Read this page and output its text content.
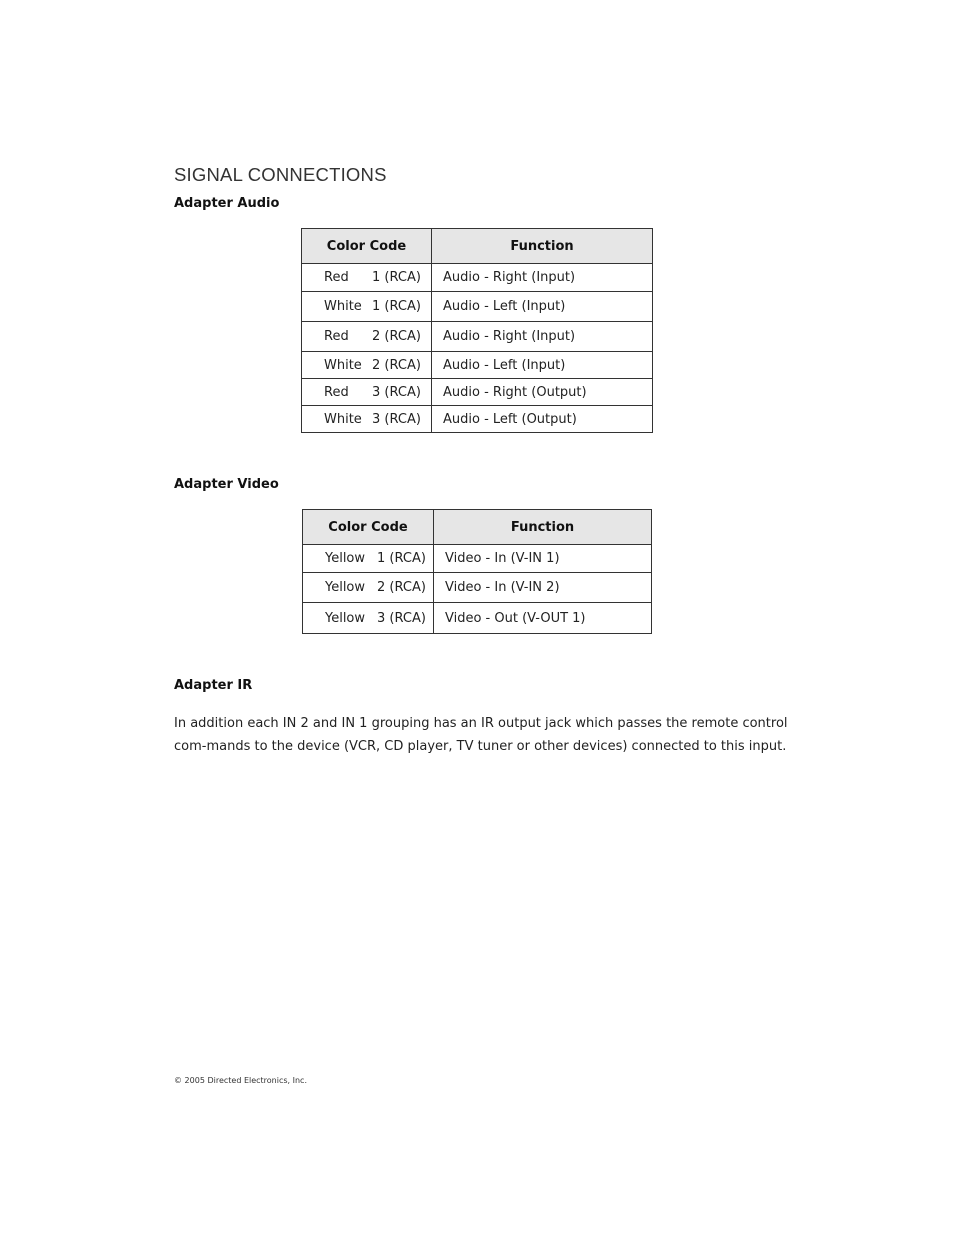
SIGNAL CONNECTIONS
Adapter Audio
Color Code	Function
Red 1 (RCA)	Audio - Right (Input)
White 1 (RCA)	Audio - Left (Input)
Red 2 (RCA)	Audio - Right (Input)
White 2 (RCA)	Audio - Left (Input)
Red 3 (RCA)	Audio - Right (Output)
White 3 (RCA)	Audio - Left (Output)
Adapter Video
Color Code	Function
Yellow 1 (RCA)	Video - In (V-IN 1)
Yellow 2 (RCA)	Video - In (V-IN 2)
Yellow 3 (RCA)	Video - Out (V-OUT 1)
Adapter IR

In addition each IN 2 and IN 1 grouping has an IR output jack which passes the remote control com-mands to the device (VCR, CD player, TV tuner or other devices) connected to this input.

© 2005 Directed Electronics, Inc.
